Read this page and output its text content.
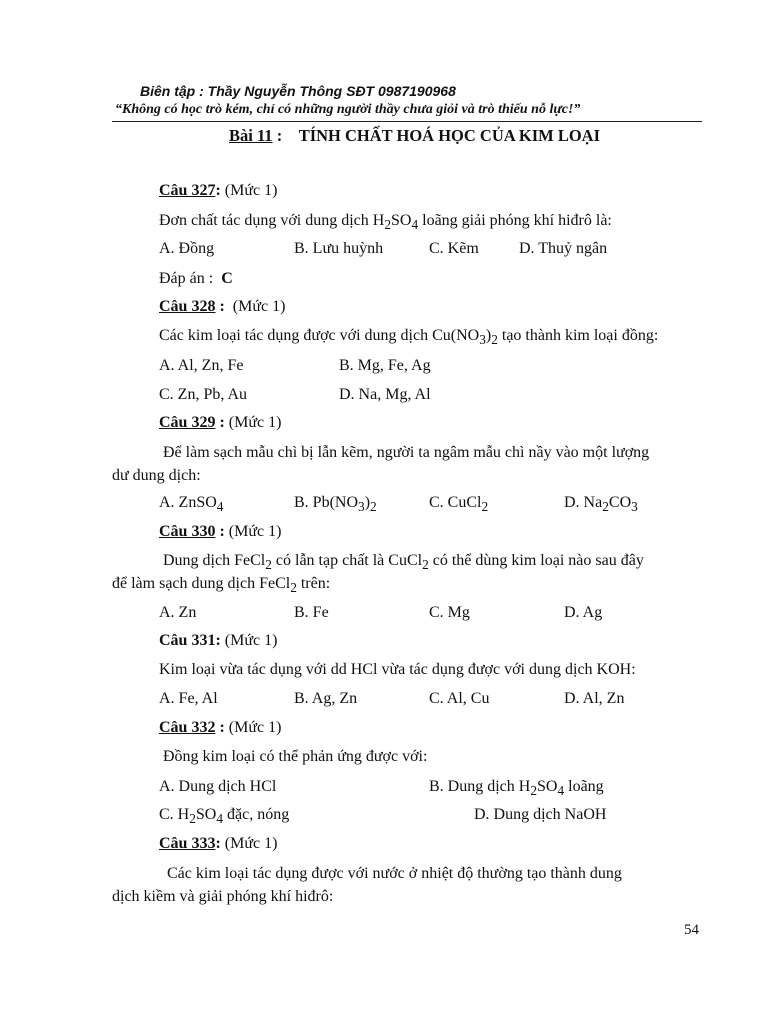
Biên tập : Thầy Nguyễn Thông SĐT 0987190968
“Không có học trò kém, chỉ có những người thầy chưa giỏi và trò thiếu nỗ lực!”
Bài 11 : TÍNH CHẤT HOÁ HỌC CỦA KIM LOẠI
Câu 327: (Mức 1)
Đơn chất tác dụng với dung dịch $H_2SO_4$ loãng giải phóng khí hiđrô là:
A. Đồng	B. Lưu huỳnh	C. Kẽm	D. Thuỷ ngân
Đáp án : C
Câu 328 : (Mức 1)
Các kim loại tác dụng được với dung dịch $Cu(NO_3)_2$ tạo thành kim loại đồng:
A. Al, Zn, Fe	B. Mg, Fe, Ag
C. Zn, Pb, Au	D. Na, Mg, Al
Câu 329 : (Mức 1)
Để làm sạch mẫu chì bị lẫn kẽm, người ta ngâm mẫu chì nầy vào một lượng
dư dung dịch:
A. ZnSO$_4$	B. $Pb(NO_3)_2$	C. CuCl$_2$	D. $Na_2CO_3$
Câu 330 : (Mức 1)
Dung dịch FeCl$_2$ có lẫn tạp chất là CuCl$_2$ có thể dùng kim loại nào sau đây
để làm sạch dung dịch FeCl$_2$ trên:
A. Zn	B. Fe	C. Mg	D. Ag
Câu 331: (Mức 1)
Kim loại vừa tác dụng với dd HCl vừa tác dụng được với dung dịch KOH:
A. Fe, Al	B. Ag, Zn	C. Al, Cu	D. Al, Zn
Câu 332 : (Mức 1)
Đồng kim loại có thể phản ứng được với:
A. Dung dịch HCl	B. Dung dịch $H_2SO_4$ loãng
C. $H_2SO_4$ đặc, nóng	D. Dung dịch NaOH
Câu 333: (Mức 1)
Các kim loại tác dụng được với nước ở nhiệt độ thường tạo thành dung
dịch kiềm và giải phóng khí hiđrô:
54
